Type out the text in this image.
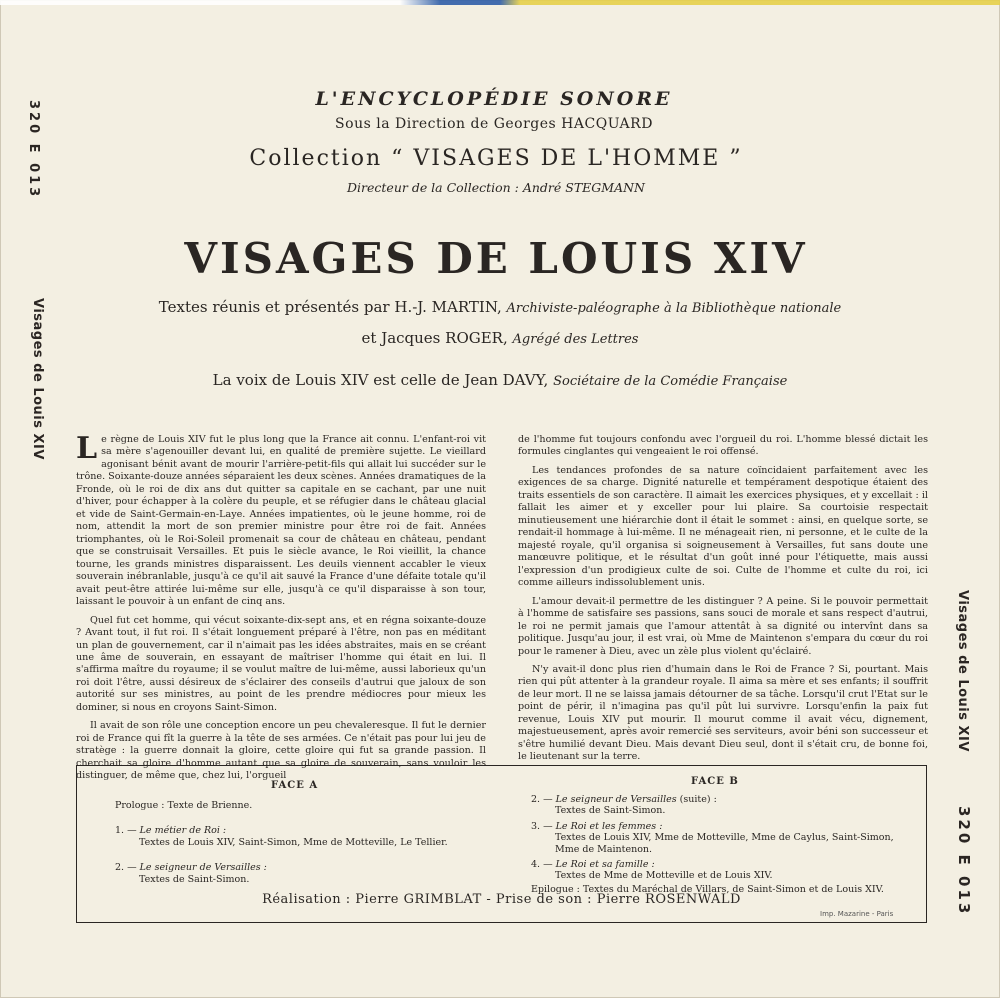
320 E 013
Visages de Louis XIV
Visages de Louis XIV
320 E 013
L'ENCYCLOPÉDIE SONORE
Sous la Direction de Georges HACQUARD
Collection “ VISAGES DE L'HOMME ”
Directeur de la Collection : André STEGMANN
VISAGES DE LOUIS XIV
Textes réunis et présentés par H.-J. MARTIN, Archiviste-paléographe à la Bibliothèque nationale
et Jacques ROGER, Agrégé des Lettres
La voix de Louis XIV est celle de Jean DAVY, Sociétaire de la Comédie Française

Le règne de Louis XIV fut le plus long que la France ait connu. L'enfant-roi vit sa mère s'agenouiller devant lui, en qualité de première sujette. Le vieillard agonisant bénit avant de mourir l'arrière-petit-fils qui allait lui succéder sur le trône. Soixante-douze années séparaient les deux scènes. Années dramatiques de la Fronde, où le roi de dix ans dut quitter sa capitale en se cachant, par une nuit d'hiver, pour échapper à la colère du peuple, et se réfugier dans le château glacial et vide de Saint-Germain-en-Laye. Années impatientes, où le jeune homme, roi de nom, attendit la mort de son premier ministre pour être roi de fait. Années triomphantes, où le Roi-Soleil promenait sa cour de château en château, pendant que se construisait Versailles. Et puis le siècle avance, le Roi vieillit, la chance tourne, les grands ministres disparaissent. Les deuils viennent accabler le vieux souverain inébranlable, jusqu'à ce qu'il ait sauvé la France d'une défaite totale qu'il avait peut-être attirée lui-même sur elle, jusqu'à ce qu'il disparaisse à son tour, laissant le pouvoir à un enfant de cinq ans.

Quel fut cet homme, qui vécut soixante-dix-sept ans, et en régna soixante-douze ? Avant tout, il fut roi. Il s'était longuement préparé à l'être, non pas en méditant un plan de gouvernement, car il n'aimait pas les idées abstraites, mais en se créant une âme de souverain, en essayant de maîtriser l'homme qui était en lui. Il s'affirma maître du royaume; il se voulut maître de lui-même, aussi laborieux qu'un roi doit l'être, aussi désireux de s'éclairer des conseils d'autrui que jaloux de son autorité sur ses ministres, au point de les prendre médiocres pour mieux les dominer, si nous en croyons Saint-Simon.

Il avait de son rôle une conception encore un peu chevaleresque. Il fut le dernier roi de France qui fît la guerre à la tête de ses armées. Ce n'était pas pour lui jeu de stratège : la guerre donnait la gloire, cette gloire qui fut sa grande passion. Il cherchait sa gloire d'homme autant que sa gloire de souverain, sans vouloir les distinguer, de même que, chez lui, l'orgueil

de l'homme fut toujours confondu avec l'orgueil du roi. L'homme blessé dictait les formules cinglantes qui vengeaient le roi offensé.

Les tendances profondes de sa nature coïncidaient parfaitement avec les exigences de sa charge. Dignité naturelle et tempérament despotique étaient des traits essentiels de son caractère. Il aimait les exercices physiques, et y excellait : il fallait les aimer et y exceller pour lui plaire. Sa courtoisie respectait minutieusement une hiérarchie dont il était le sommet : ainsi, en quelque sorte, se rendait-il hommage à lui-même. Il ne ménageait rien, ni personne, et le culte de la majesté royale, qu'il organisa si soigneusement à Versailles, fut sans doute une manœuvre politique, et le résultat d'un goût inné pour l'étiquette, mais aussi l'expression d'un prodigieux culte de soi. Culte de l'homme et culte du roi, ici comme ailleurs indissolublement unis.

L'amour devait-il permettre de les distinguer ? A peine. Si le pouvoir permettait à l'homme de satisfaire ses passions, sans souci de morale et sans respect d'autrui, le roi ne permit jamais que l'amour attentât à sa dignité ou intervînt dans sa politique. Jusqu'au jour, il est vrai, où Mme de Maintenon s'empara du cœur du roi pour le ramener à Dieu, avec un zèle plus violent qu'éclairé.

N'y avait-il donc plus rien d'humain dans le Roi de France ? Si, pourtant. Mais rien qui pût attenter à la grandeur royale. Il aima sa mère et ses enfants; il souffrit de leur mort. Il ne se laissa jamais détourner de sa tâche. Lorsqu'il crut l'Etat sur le point de périr, il n'imagina pas qu'il pût lui survivre. Lorsqu'enfin la paix fut revenue, Louis XIV put mourir. Il mourut comme il avait vécu, dignement, majestueusement, après avoir remercié ses serviteurs, avoir béni son successeur et s'être humilié devant Dieu. Mais devant Dieu seul, dont il s'était cru, de bonne foi, le lieutenant sur la terre.

FACE A	FACE B
Prologue : Texte de Brienne.
1. — Le métier de Roi :
Textes de Louis XIV, Saint-Simon, Mme de Motteville, Le Tellier.
2. — Le seigneur de Versailles :
Textes de Saint-Simon.
2. — Le seigneur de Versailles (suite) :
Textes de Saint-Simon.
3. — Le Roi et les femmes :
Textes de Louis XIV, Mme de Motteville, Mme de Caylus, Saint-Simon,
Mme de Maintenon.
4. — Le Roi et sa famille :
Textes de Mme de Motteville et de Louis XIV.
Epilogue : Textes du Maréchal de Villars, de Saint-Simon et de Louis XIV.
Réalisation : Pierre GRIMBLAT - Prise de son : Pierre ROSENWALD
Imp. Mazarine - Paris
